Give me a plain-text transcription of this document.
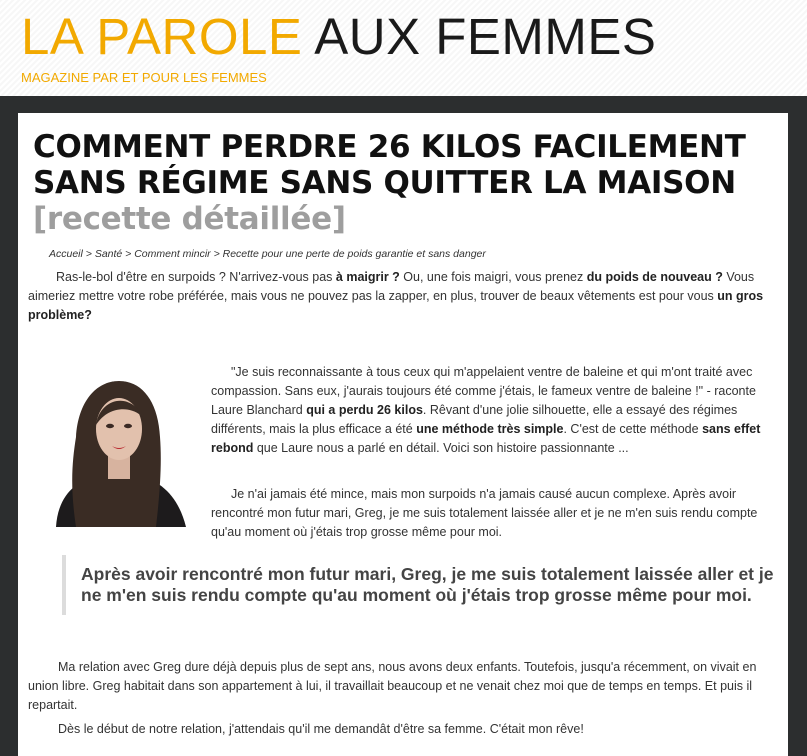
LA PAROLE AUX FEMMES
MAGAZINE PAR ET POUR LES FEMMES
COMMENT PERDRE 26 KILOS FACILEMENT SANS RÉGIME SANS QUITTER LA MAISON
[recette détaillée]
Accueil > Santé > Comment mincir > Recette pour une perte de poids garantie et sans danger

Ras-le-bol d'être en surpoids ? N'arrivez-vous pas à maigrir ? Ou, une fois maigri, vous prenez du poids de nouveau ? Vous aimeriez mettre votre robe préférée, mais vous ne pouvez pas la zapper, en plus, trouver de beaux vêtements est pour vous un gros problème?

"Je suis reconnaissante à tous ceux qui m'appelaient ventre de baleine et qui m'ont traité avec compassion. Sans eux, j'aurais toujours été comme j'étais, le fameux ventre de baleine !" - raconte Laure Blanchard qui a perdu 26 kilos. Rêvant d'une jolie silhouette, elle a essayé des régimes différents, mais la plus efficace a été une méthode très simple. C'est de cette méthode sans effet rebond que Laure nous a parlé en détail. Voici son histoire passionnante ...

Je n'ai jamais été mince, mais mon surpoids n'a jamais causé aucun complexe. Après avoir rencontré mon futur mari, Greg, je me suis totalement laissée aller et je ne m'en suis rendu compte qu'au moment où j'étais trop grosse même pour moi.

Après avoir rencontré mon futur mari, Greg, je me suis totalement laissée aller et je ne m'en suis rendu compte qu'au moment où j'étais trop grosse même pour moi.

Ma relation avec Greg dure déjà depuis plus de sept ans, nous avons deux enfants. Toutefois, jusqu'a récemment, on vivait en union libre. Greg habitait dans son appartement à lui, il travaillait beaucoup et ne venait chez moi que de temps en temps. Et puis il repartait.

Dès le début de notre relation, j'attendais qu'il me demandât d'être sa femme. C'était mon rêve!
